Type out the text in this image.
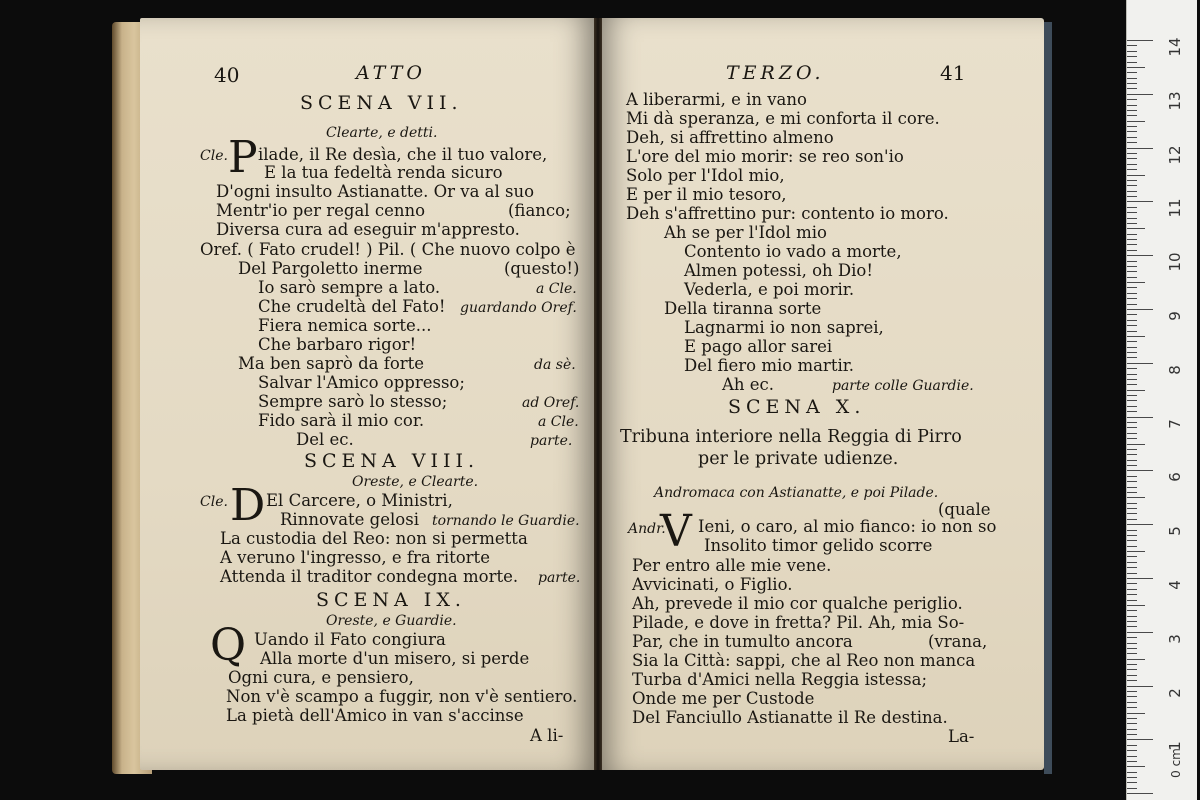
40	ATTO
SCENA VII.
Clearte, e detti.
Cle. P ilade, il Re desìa, che il tuo valore,
E la tua fedeltà renda sicuro
D'ogni insulto Astianatte. Or va al suo
Mentr'io per regal cenno	(fianco;
Diversa cura ad eseguir m'appresto.
Oref. ( Fato crudel! ) Pil. ( Che nuovo colpo è
Del Pargoletto inerme	(questo!)
Io sarò sempre a lato.	a Cle.
Che crudeltà del Fato! guardando Oref.
Fiera nemica sorte...
Che barbaro rigor!
Ma ben saprò da forte	da sè.
Salvar l'Amico oppresso;
Sempre sarò lo stesso;	ad Oref.
Fido sarà il mio cor.	a Cle.
Del ec.	parte.
SCENA VIII.
Oreste, e Clearte.
Cle. D El Carcere, o Ministri,
Rinnovate gelosi tornando le Guardie.
La custodia del Reo: non si permetta
A veruno l'ingresso, e fra ritorte
Attenda il traditor condegna morte. parte.
SCENA IX.
Oreste, e Guardie.
Q Uando il Fato congiura
Alla morte d'un misero, si perde
Ogni cura, e pensiero,
Non v'è scampo a fuggir, non v'è sentiero.
La pietà dell'Amico in van s'accinse
A li-
TERZO.	41
A liberarmi, e in vano
Mi dà speranza, e mi conforta il core.
Deh, si affrettino almeno
L'ore del mio morir: se reo son'io
Solo per l'Idol mio,
E per il mio tesoro,
Deh s'affrettino pur: contento io moro.
Ah se per l'Idol mio
Contento io vado a morte,
Almen potessi, oh Dio!
Vederla, e poi morir.
Della tiranna sorte
Lagnarmi io non saprei,
E pago allor sarei
Del fiero mio martir.
Ah ec.	parte colle Guardie.
SCENA X.
Tribuna interiore nella Reggia di Pirro
per le private udienze.
Andromaca con Astianatte, e poi Pilade.
(quale
Andr.
V Ieni, o caro, al mio fianco: io non so
Insolito timor gelido scorre
Per entro alle mie vene.
Avvicinati, o Figlio.
Ah, prevede il mio cor qualche periglio.
Pilade, e dove in fretta? Pil. Ah, mia So-
Par, che in tumulto ancora	(vrana,
Sia la Città: sappi, che al Reo non manca
Turba d'Amici nella Reggia istessa;
Onde me per Custode
Del Fanciullo Astianatte il Re destina.
La-
14
13
12
11
10
9
8
7
6
5
4
3
2
1
0 cm
